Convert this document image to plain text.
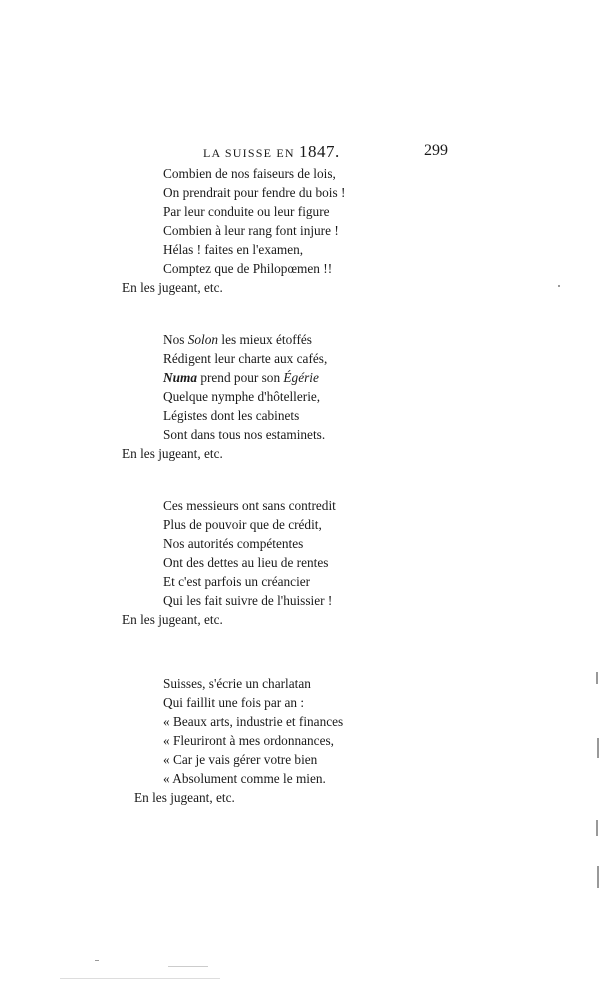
LA SUISSE EN 1847.	299
Combien de nos faiseurs de lois,
On prendrait pour fendre du bois !
Par leur conduite ou leur figure
Combien à leur rang font injure !
Hélas ! faites en l'examen,
Comptez que de Philopœmen !!
En les jugeant, etc.
Nos Solon les mieux étoffés
Rédigent leur charte aux cafés,
Numa prend pour son Égérie
Quelque nymphe d'hôtellerie,
Légistes dont les cabinets
Sont dans tous nos estaminets.
En les jugeant, etc.
Ces messieurs ont sans contredit
Plus de pouvoir que de crédit,
Nos autorités compétentes
Ont des dettes au lieu de rentes
Et c'est parfois un créancier
Qui les fait suivre de l'huissier !
En les jugeant, etc.
Suisses, s'écrie un charlatan
Qui faillit une fois par an :
« Beaux arts, industrie et finances
« Fleuriront à mes ordonnances,
« Car je vais gérer votre bien
« Absolument comme le mien.
En les jugeant, etc.
